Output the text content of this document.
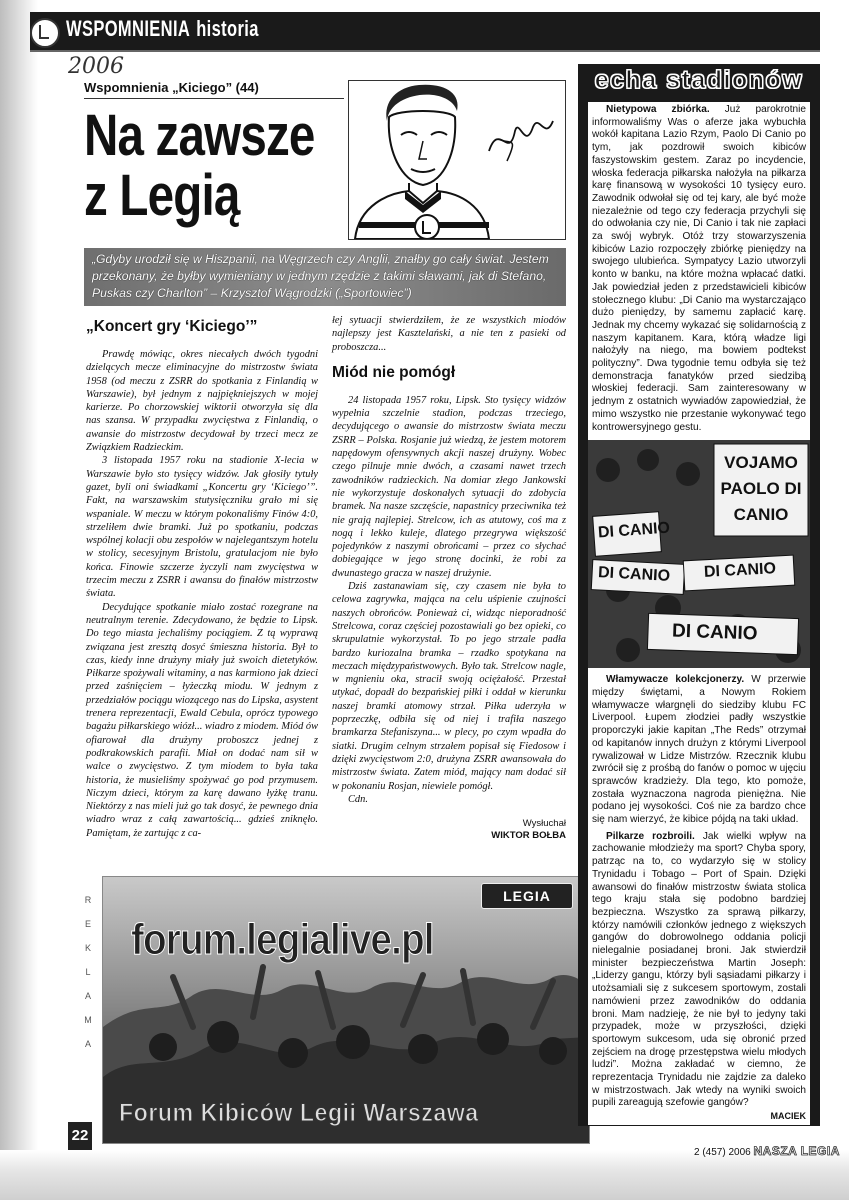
WSPOMNIENIA historia
2006
Wspomnienia „Kiciego” (44)
Na zawsze
z Legią
„Gdyby urodził się w Hiszpanii, na Węgrzech czy Anglii, znałby go cały świat. Jestem przekonany, że byłby wymieniany w jednym rzędzie z takimi sławami, jak di Stefano, Puskas czy Charlton” – Krzysztof Wągrodzki („Sportowiec”)
„Koncert gry ‘Kiciego’”

Prawdę mówiąc, okres niecałych dwóch tygodni dzielących mecze eliminacyjne do mistrzostw świata 1958 (od meczu z ZSRR do spotkania z Finlandią w Warszawie), był jednym z najpiękniejszych w mojej karierze. Po chorzowskiej wiktorii otworzyła się dla nas szansa. W przypadku zwycięstwa z Finlandią, o awansie do mistrzostw decydował by trzeci mecz ze Związkiem Radzieckim.

3 listopada 1957 roku na stadionie X-lecia w Warszawie było sto tysięcy widzów. Jak głosiły tytuły gazet, byli oni świadkami „Koncertu gry ‘Kiciego’”. Fakt, na warszawskim stutysięczniku grało mi się wspaniale. W meczu w którym pokonaliśmy Finów 4:0, strzeliłem dwie bramki. Już po spotkaniu, podczas wspólnej kolacji obu zespołów w najelegantszym hotelu w stolicy, secesyjnym Bristolu, gratulacjom nie było końca. Finowie szczerze życzyli nam zwycięstwa w trzecim meczu z ZSRR i awansu do finałów mistrzostw świata.

Decydujące spotkanie miało zostać rozegrane na neutralnym terenie. Zdecydowano, że będzie to Lipsk. Do tego miasta jechaliśmy pociągiem. Z tą wyprawą związana jest zresztą dosyć śmieszna historia. Był to czas, kiedy inne drużyny miały już swoich dietetyków. Piłkarze spożywali witaminy, a nas karmiono jak dzieci przed zaśnięciem – łyżeczką miodu. W jednym z przedziałów pociągu wiozącego nas do Lipska, asystent trenera reprezentacji, Ewald Cebula, oprócz typowego bagażu piłkarskiego wiózł... wiadro z miodem. Miód ów ofiarował dla drużyny proboszcz jednej z podkrakowskich parafii. Miał on dodać nam sił w walce o zwycięstwo. Z tym miodem to była taka historia, że musieliśmy spożywać go pod przymusem. Niczym dzieci, którym za karę dawano łyżkę tranu. Niektórzy z nas mieli już go tak dosyć, że pewnego dnia wiadro wraz z całą zawartością... gdzieś zniknęło. Pamiętam, że zartując z ca-

łej sytuacji stwierdziłem, że ze wszystkich miodów najlepszy jest Kasztelański, a nie ten z pasieki od proboszcza...

Miód nie pomógł

24 listopada 1957 roku, Lipsk. Sto tysięcy widzów wypełnia szczelnie stadion, podczas trzeciego, decydującego o awansie do mistrzostw świata meczu ZSRR – Polska. Rosjanie już wiedzą, że jestem motorem napędowym ofensywnych akcji naszej drużyny. Wobec czego pilnuje mnie dwóch, a czasami nawet trzech zawodników radzieckich. Na domiar złego Jankowski nie wykorzystuje doskonałych sytuacji do zdobycia bramek. Na nasze szczęście, napastnicy przeciwnika też nie grają najlepiej. Strelcow, ich as atutowy, coś ma z nogą i lekko kuleje, dlatego przegrywa większość pojedynków z naszymi obrońcami – przez co słychać dobiegające w jego stronę docinki, że robi za dwunastego gracza w naszej drużynie.

Dziś zastanawiam się, czy czasem nie była to celowa zagrywka, mająca na celu uśpienie czujności naszych obrońców. Ponieważ ci, widząc nieporadność Strelcowa, coraz częściej pozostawiali go bez opieki, co skrupulatnie wykorzystał. To po jego strzale padła bardzo kuriozalna bramka – rzadko spotykana na meczach międzypaństwowych. Było tak. Strelcow nagle, w mgnieniu oka, stracił swoją ociężałość. Przestał utykać, dopadł do bezpańskiej piłki i oddał w kierunku naszej bramki atomowy strzał. Piłka uderzyła w poprzeczkę, odbiła się od niej i trafiła naszego bramkarza Stefaniszyna... w plecy, po czym wpadła do siatki. Drugim celnym strzałem popisał się Fiedosow i dzięki zwycięstwom 2:0, drużyna ZSRR awansowała do mistrzostw świata. Zatem miód, mający nam dodać sił w pokonaniu Rosjan, niewiele pomógł.

Cdn.

Wysłuchał
WIKTOR BOŁBA
R
E
K
L
A
M
A
LEGIA
forum.legialive.pl
Forum Kibiców Legii Warszawa
22
echa stadionów

Nietypowa zbiórka. Już parokrotnie informowaliśmy Was o aferze jaka wybuchła wokół kapitana Lazio Rzym, Paolo Di Canio po tym, jak pozdrowił swoich kibiców faszystowskim gestem. Zaraz po incydencie, włoska federacja piłkarska nałożyła na piłkarza karę finansową w wysokości 10 tysięcy euro. Zawodnik odwołał się od tej kary, ale być może niezależnie od tego czy federacja przychyli się do odwołania czy nie, Di Canio i tak nie zapłaci za swój wybryk. Otóż trzy stowarzyszenia kibiców Lazio rozpoczęły zbiórkę pieniędzy na swojego ulubieńca. Sympatycy Lazio utworzyli konto w banku, na które można wpłacać datki. Jak powiedział jeden z przedstawicieli kibiców stołecznego klubu: „Di Canio ma wystarczająco dużo pieniędzy, by samemu zapłacić karę. Jednak my chcemy wykazać się solidarnością z naszym kapitanem. Kara, którą władze ligi nałożyły na niego, ma bowiem podtekst polityczny”. Dwa tygodnie temu odbyła się też demonstracja fanatyków przed siedzibą włoskiej federacji. Sam zainteresowany w jednym z ostatnich wywiadów zapowiedział, że mimo wszystko nie przestanie wykonywać tego kontrowersyjnego gestu.

VOJAMO PAOLO DI CANIO
DI CANIO
DI CANIO DI CANIO
DI CANIO

Włamywacze kolekcjonerzy. W przerwie między świętami, a Nowym Rokiem włamywacze włargnęli do siedziby klubu FC Liverpool. Łupem złodziei padły wszystkie proporczyki jakie kapitan „The Reds” otrzymał od kapitanów innych drużyn z którymi Liverpool rywalizował w Lidze Mistrzów. Rzecznik klubu zwrócił się z prośbą do fanów o pomoc w ujęciu sprawców kradzieży. Dla tego, kto pomoże, została wyznaczona nagroda pieniężna. Nie podano jej wysokości. Coś nie za bardzo chce się nam wierzyć, że kibice pójdą na taki układ.

Pilkarze rozbroili. Jak wielki wpływ na zachowanie młodzieży ma sport? Chyba spory, patrząc na to, co wydarzyło się w stolicy Trynidadu i Tobago – Port of Spain. Dzięki awansowi do finałów mistrzostw świata stolica tego kraju stała się podobno bardziej bezpieczna. Wszystko za sprawą piłkarzy, którzy namówili członków jednego z większych gangów do dobrowolnego oddania policji nielegalnie posiadanej broni. Jak stwierdził minister bezpieczeństwa Martin Joseph: „Liderzy gangu, którzy byli sąsiadami piłkarzy i utożsamiali się z sukcesem sportowym, zostali namówieni przez zawodników do oddania broni. Mam nadzieję, że nie był to jedyny taki przypadek, może w przyszłości, dzięki sportowym sukcesom, uda się obronić przed zejściem na drogę przestępstwa wielu młodych ludzi”. Można zakładać w ciemno, że reprezentacja Trynidadu nie zajdzie za daleko w mistrzostwach. Jak wtedy na wyniki swoich pupili zareagują szefowie gangów?

MACIEK
2 (457) 2006 NASZA LEGIA
